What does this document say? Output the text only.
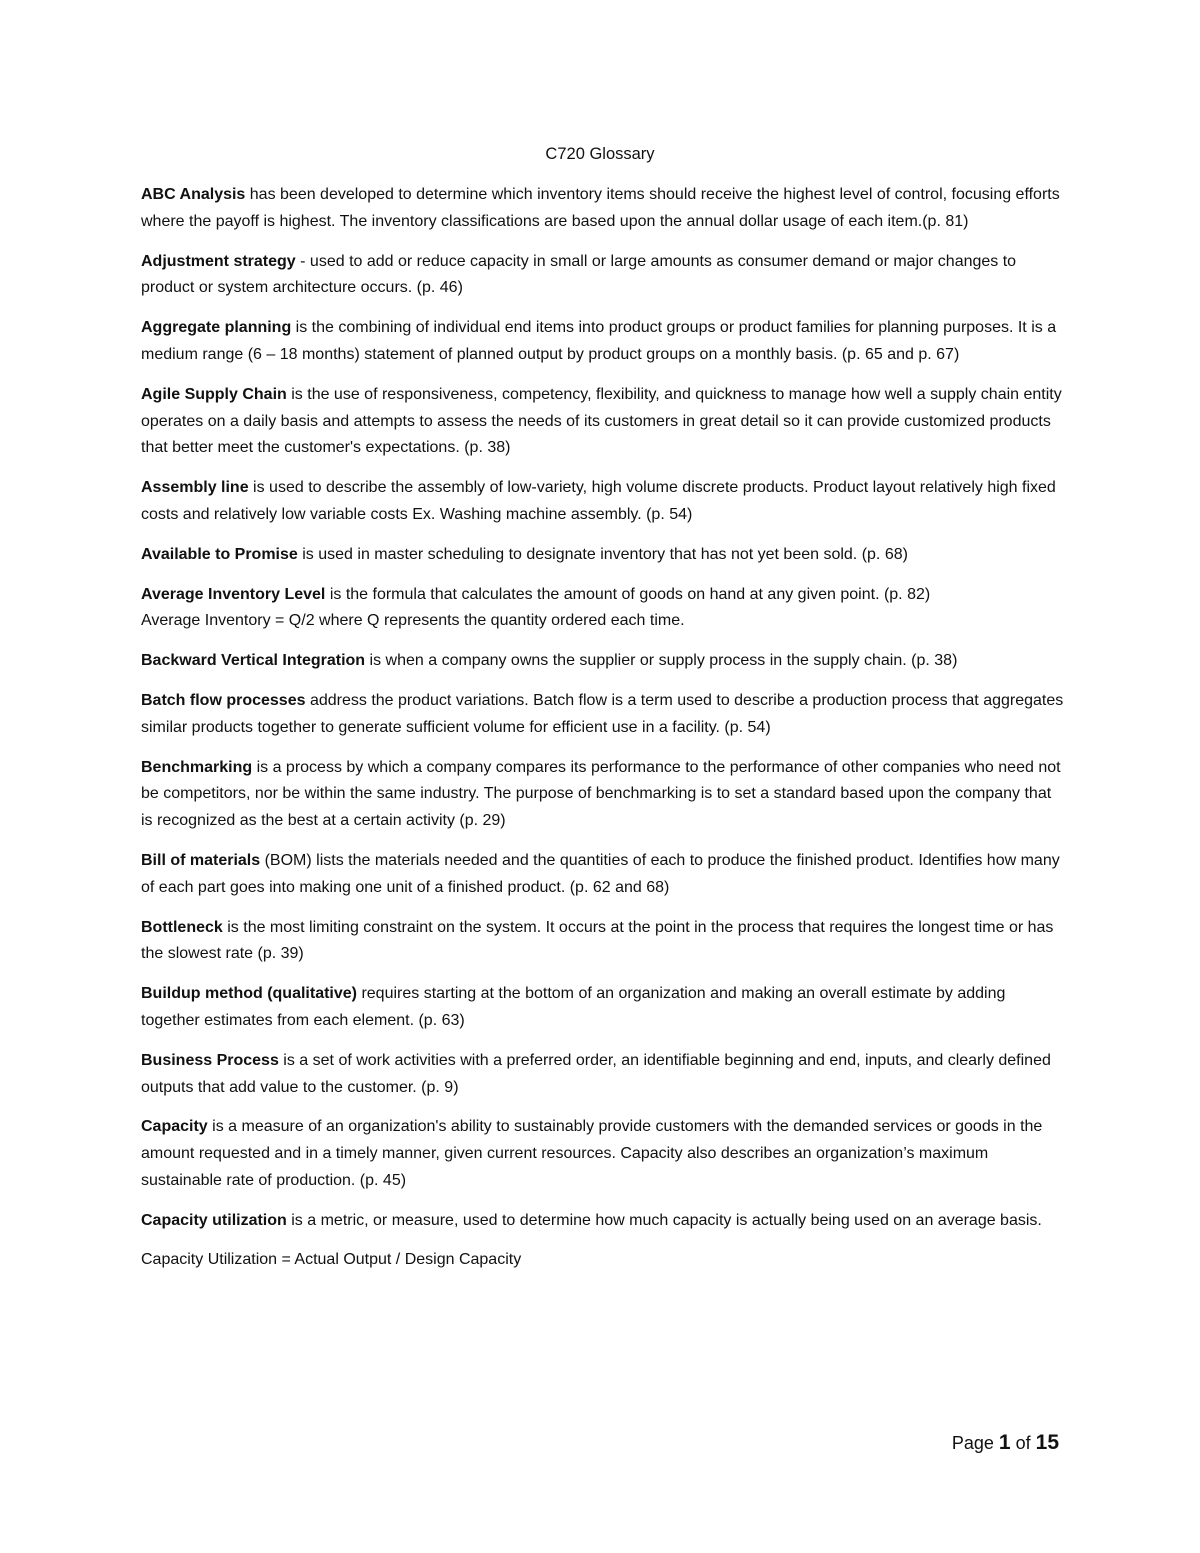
C720 Glossary

ABC Analysis has been developed to determine which inventory items should receive the highest level of control, focusing efforts where the payoff is highest. The inventory classifications are based upon the annual dollar usage of each item.(p. 81)

Adjustment strategy - used to add or reduce capacity in small or large amounts as consumer demand or major changes to product or system architecture occurs. (p. 46)

Aggregate planning is the combining of individual end items into product groups or product families for planning purposes. It is a medium range (6 – 18 months) statement of planned output by product groups on a monthly basis. (p. 65 and p. 67)

Agile Supply Chain is the use of responsiveness, competency, flexibility, and quickness to manage how well a supply chain entity operates on a daily basis and attempts to assess the needs of its customers in great detail so it can provide customized products that better meet the customer's expectations. (p. 38)

Assembly line is used to describe the assembly of low-variety, high volume discrete products. Product layout relatively high fixed costs and relatively low variable costs Ex. Washing machine assembly. (p. 54)

Available to Promise is used in master scheduling to designate inventory that has not yet been sold. (p. 68)

Average Inventory Level is the formula that calculates the amount of goods on hand at any given point. (p. 82)
Average Inventory = Q/2 where Q represents the quantity ordered each time.

Backward Vertical Integration is when a company owns the supplier or supply process in the supply chain. (p. 38)

Batch flow processes address the product variations. Batch flow is a term used to describe a production process that aggregates similar products together to generate sufficient volume for efficient use in a facility. (p. 54)

Benchmarking is a process by which a company compares its performance to the performance of other companies who need not be competitors, nor be within the same industry. The purpose of benchmarking is to set a standard based upon the company that is recognized as the best at a certain activity (p. 29)

Bill of materials (BOM) lists the materials needed and the quantities of each to produce the finished product. Identifies how many of each part goes into making one unit of a finished product. (p. 62 and 68)

Bottleneck is the most limiting constraint on the system. It occurs at the point in the process that requires the longest time or has the slowest rate (p. 39)

Buildup method (qualitative) requires starting at the bottom of an organization and making an overall estimate by adding together estimates from each element. (p. 63)

Business Process is a set of work activities with a preferred order, an identifiable beginning and end, inputs, and clearly defined outputs that add value to the customer. (p. 9)

Capacity is a measure of an organization's ability to sustainably provide customers with the demanded services or goods in the amount requested and in a timely manner, given current resources. Capacity also describes an organization’s maximum sustainable rate of production. (p. 45)

Capacity utilization is a metric, or measure, used to determine how much capacity is actually being used on an average basis.

Capacity Utilization = Actual Output / Design Capacity

Page 1 of 15
